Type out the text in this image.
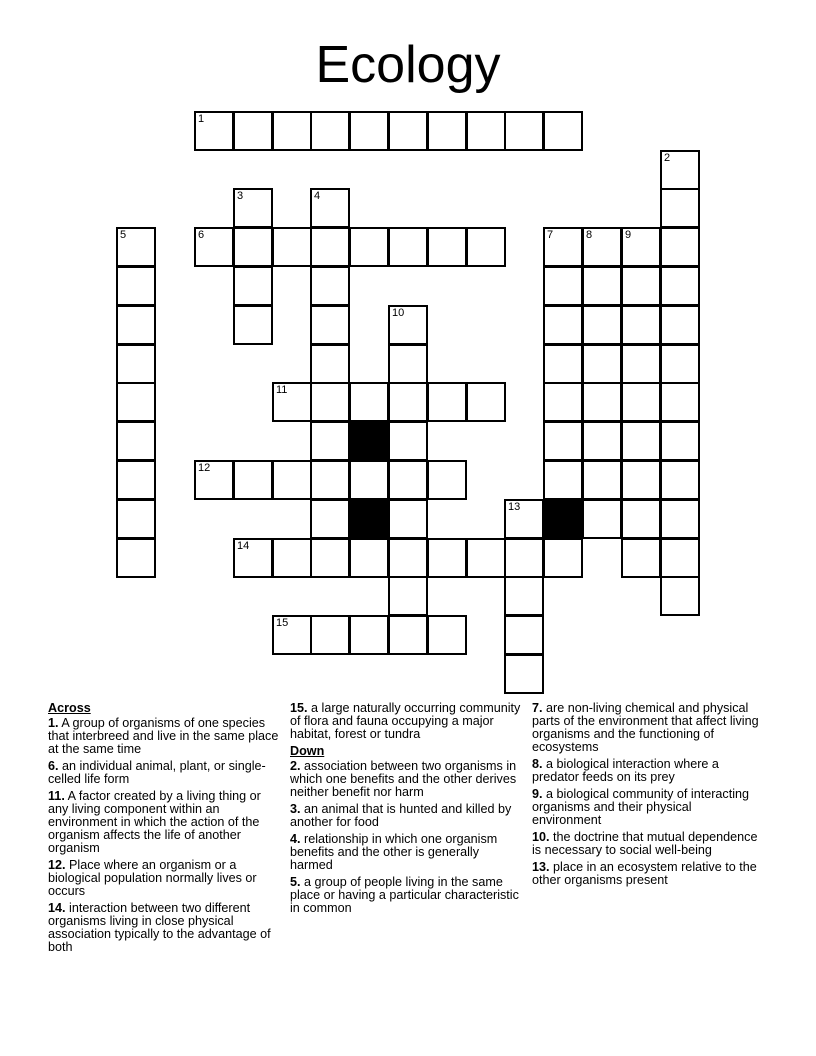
Ecology
1
2
3	4
5	6	7	8	9
10
11
12
13
14
15
Across
1. A group of organisms of one species that interbreed and live in the same place at the same time
6. an individual animal, plant, or single-celled life form
11. A factor created by a living thing or any living component within an environment in which the action of the organism affects the life of another organism
12. Place where an organism or a biological population normally lives or occurs
14. interaction between two different organisms living in close physical association typically to the advantage of both
15. a large naturally occurring community of flora and fauna occupying a major habitat, forest or tundra
Down
2. association between two organisms in which one benefits and the other derives neither benefit nor harm
3. an animal that is hunted and killed by another for food
4. relationship in which one organism benefits and the other is generally harmed
5. a group of people living in the same place or having a particular characteristic in common
7. are non-living chemical and physical parts of the environment that affect living organisms and the functioning of ecosystems
8. a biological interaction where a predator feeds on its prey
9. a biological community of interacting organisms and their physical environment
10. the doctrine that mutual dependence is necessary to social well-being
13. place in an ecosystem relative to the other organisms present
